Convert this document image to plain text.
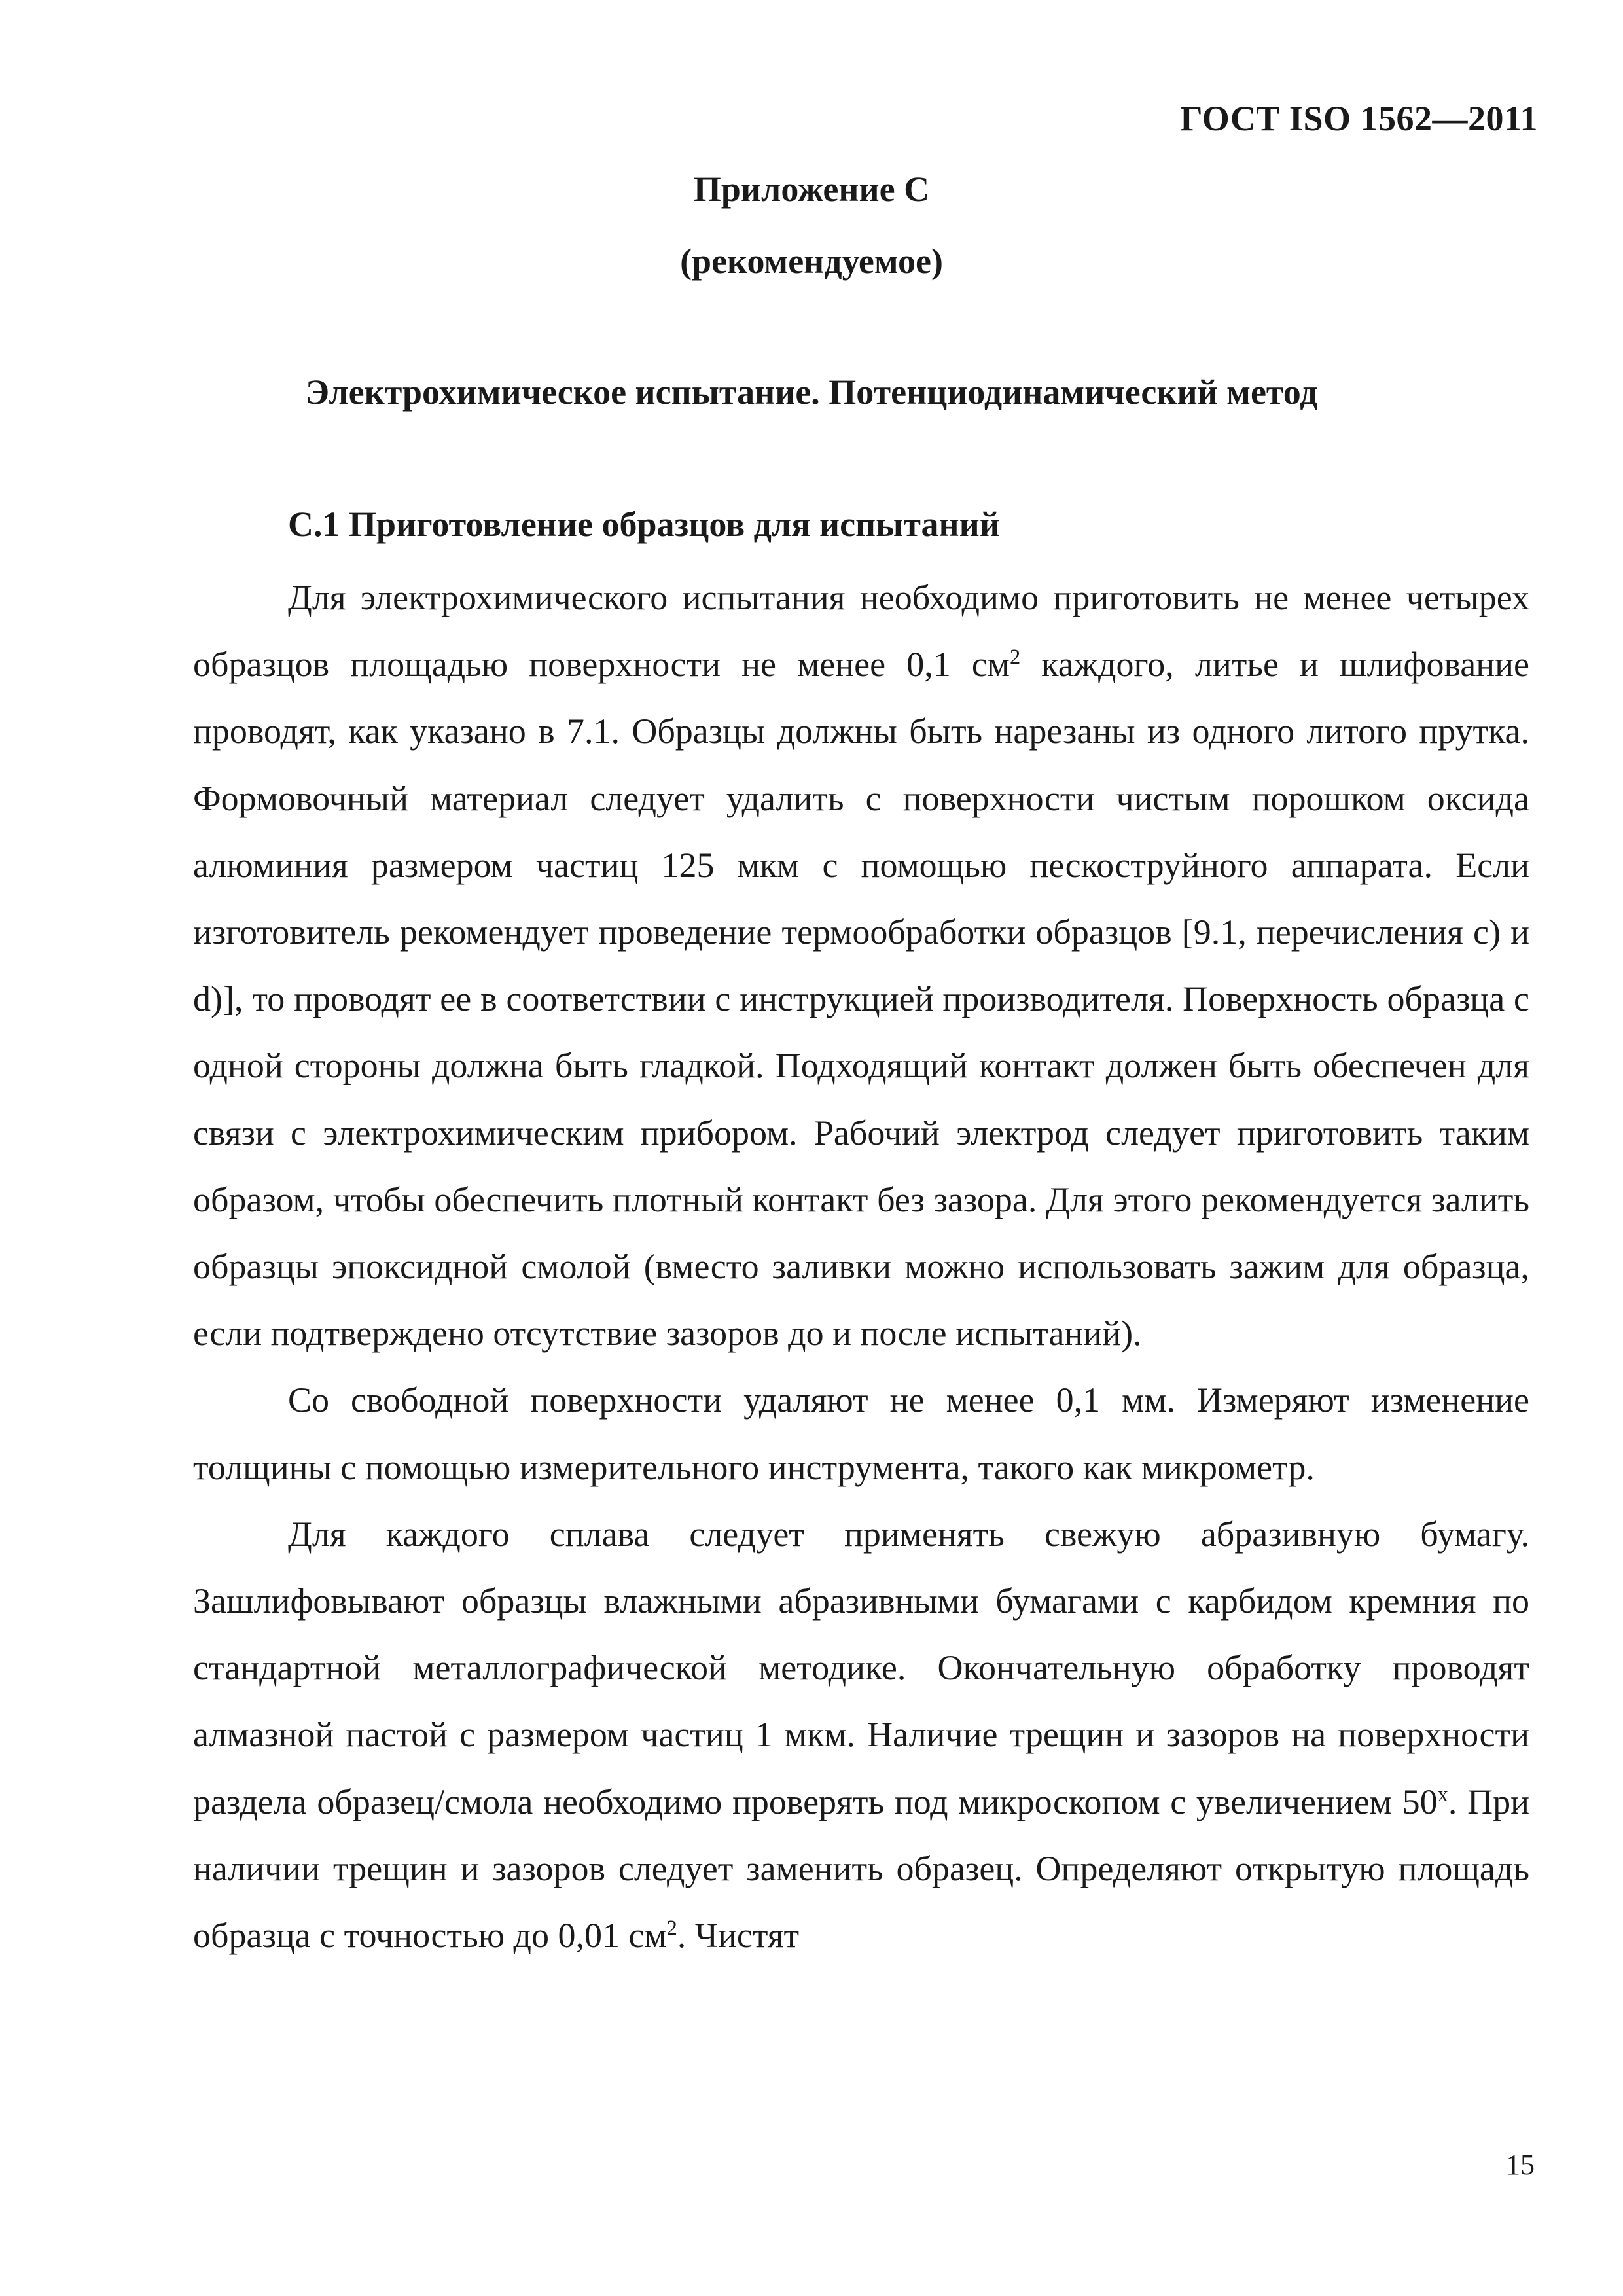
ГОСТ ISO 1562—2011
Приложение С
(рекомендуемое)
Электрохимическое испытание. Потенциодинамический метод
С.1 Приготовление образцов для испытаний

Для электрохимического испытания необходимо приготовить не менее четырех образцов площадью поверхности не менее 0,1 $см^2$ каждого, литье и шлифование проводят, как указано в 7.1. Образцы должны быть нарезаны из одного литого прутка. Формовочный материал следует удалить с поверхности чистым порошком оксида алюминия размером частиц 125 мкм с помощью пескоструйного аппарата. Если изготовитель рекомендует проведение термообработки образцов [9.1, перечисления с) и d)], то проводят ее в соответствии с инструкцией производителя. Поверхность образца с одной стороны должна быть гладкой. Подходящий контакт должен быть обеспечен для связи с электрохимическим прибором. Рабочий электрод следует приготовить таким образом, чтобы обеспечить плотный контакт без зазора. Для этого рекомендуется залить образцы эпоксидной смолой (вместо заливки можно использовать зажим для образца, если подтверждено отсутствие зазоров до и после испытаний).

Со свободной поверхности удаляют не менее 0,1 мм. Измеряют изменение толщины с помощью измерительного инструмента, такого как микрометр.

Для каждого сплава следует применять свежую абразивную бумагу. Зашлифовывают образцы влажными абразивными бумагами с карбидом кремния по стандартной металлографической методике. Окончательную обработку проводят алмазной пастой с размером частиц 1 мкм. Наличие трещин и зазоров на поверхности раздела образец/смола необходимо проверять под микроскопом с увеличением $50^х$. При наличии трещин и зазоров следует заменить образец. Определяют открытую площадь образца с точностью до 0,01 $см^2$. Чистят

15
